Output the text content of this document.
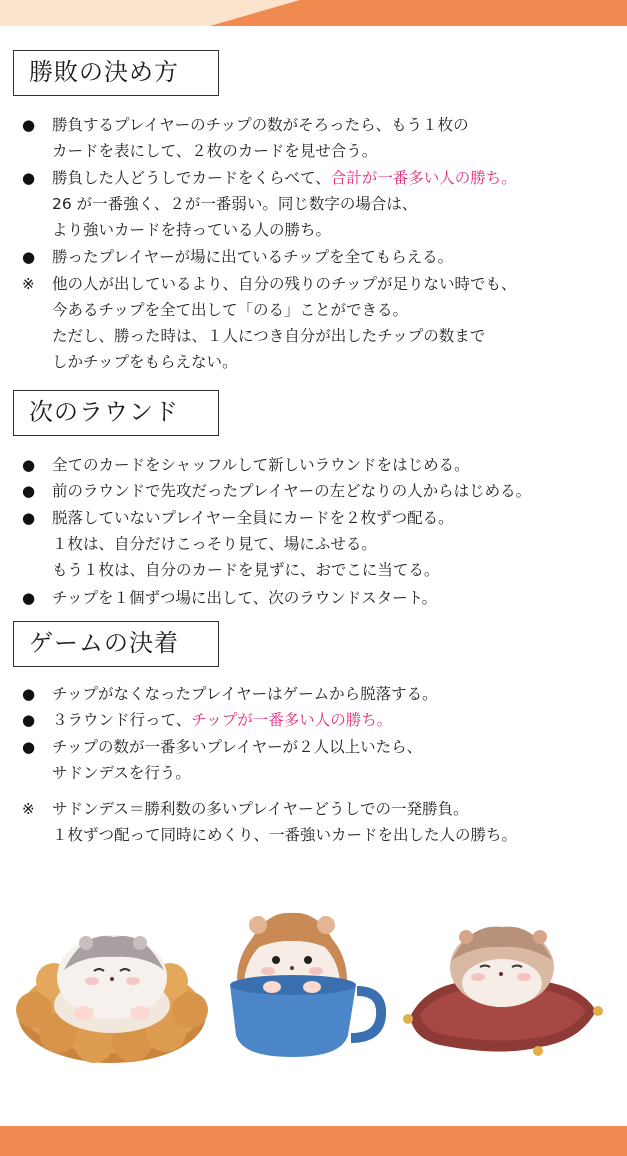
勝敗の決め方
● 勝負するプレイヤーのチップの数がそろったら、もう１枚の
カードを表にして、２枚のカードを見せ合う。
● 勝負した人どうしでカードをくらべて、合計が一番多い人の勝ち。
26 が一番強く、２が一番弱い。同じ数字の場合は、
より強いカードを持っている人の勝ち。
● 勝ったプレイヤーが場に出ているチップを全てもらえる。
※ 他の人が出しているより、自分の残りのチップが足りない時でも、
今あるチップを全て出して「のる」ことができる。
ただし、勝った時は、１人につき自分が出したチップの数まで
しかチップをもらえない。
次のラウンド
● 全てのカードをシャッフルして新しいラウンドをはじめる。
● 前のラウンドで先攻だったプレイヤーの左どなりの人からはじめる。
● 脱落していないプレイヤー全員にカードを２枚ずつ配る。
１枚は、自分だけこっそり見て、場にふせる。
もう１枚は、自分のカードを見ずに、おでこに当てる。
● チップを１個ずつ場に出して、次のラウンドスタート。
ゲームの決着
● チップがなくなったプレイヤーはゲームから脱落する。
● ３ラウンド行って、チップが一番多い人の勝ち。
● チップの数が一番多いプレイヤーが２人以上いたら、
サドンデスを行う。
※ サドンデス＝勝利数の多いプレイヤーどうしでの一発勝負。
１枚ずつ配って同時にめくり、一番強いカードを出した人の勝ち。
